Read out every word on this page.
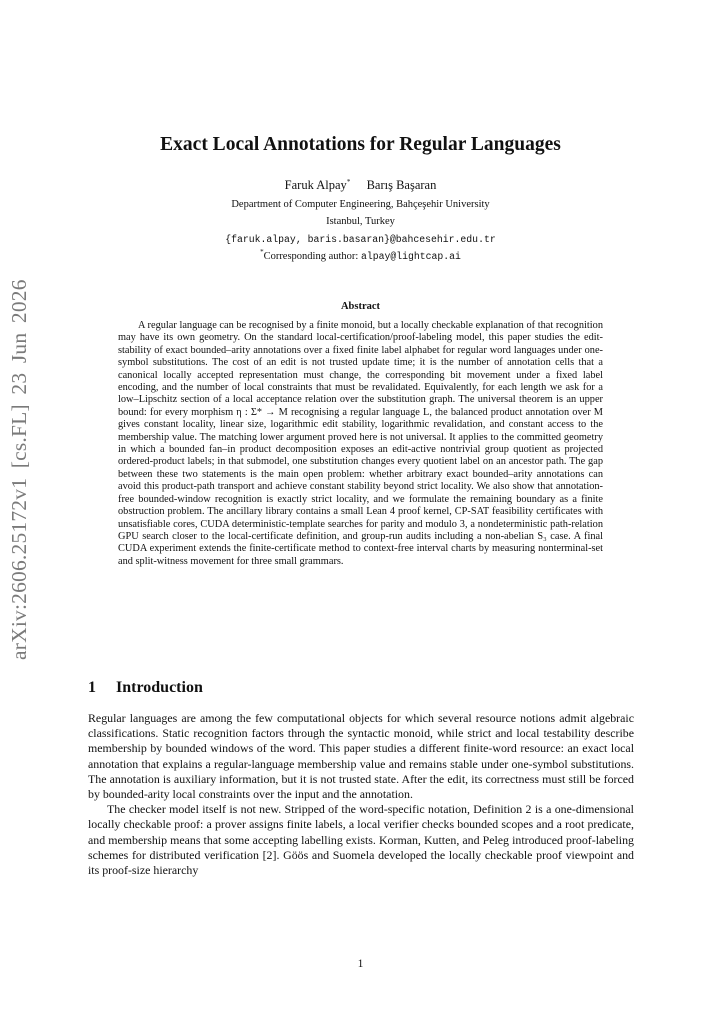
arXiv:2606.25172v1 [cs.FL] 23 Jun 2026
Exact Local Annotations for Regular Languages
Faruk Alpay* Barış Başaran
Department of Computer Engineering, Bahçeşehir University
Istanbul, Turkey
{faruk.alpay, baris.basaran}@bahcesehir.edu.tr
*Corresponding author: alpay@lightcap.ai
Abstract

A regular language can be recognised by a finite monoid, but a locally checkable explanation of that recognition may have its own geometry. On the standard local-certification/proof-labeling model, this paper studies the edit-stability of exact bounded–arity annotations over a fixed finite label alphabet for regular word languages under one-symbol substitutions. The cost of an edit is not trusted update time; it is the number of annotation cells that a canonical locally accepted representation must change, the corresponding bit movement under a fixed label encoding, and the number of local constraints that must be revalidated. Equivalently, for each length we ask for a low–Lipschitz section of a local acceptance relation over the substitution graph. The universal theorem is an upper bound: for every morphism η : Σ* → M recognising a regular language L, the balanced product annotation over M gives constant locality, linear size, logarithmic edit stability, logarithmic revalidation, and constant access to the membership value. The matching lower argument proved here is not universal. It applies to the committed geometry in which a bounded fan–in product decomposition exposes an edit-active nontrivial group quotient as projected ordered-product labels; in that submodel, one substitution changes every quotient label on an ancestor path. The gap between these two statements is the main open problem: whether arbitrary exact bounded–arity annotations can avoid this product-path transport and achieve constant stability beyond strict locality. We also show that annotation-free bounded-window recognition is exactly strict locality, and we formulate the remaining boundary as a finite obstruction problem. The ancillary library contains a small Lean 4 proof kernel, CP-SAT feasibility certificates with unsatisfiable cores, CUDA deterministic-template searches for parity and modulo 3, a nondeterministic path-relation GPU search closer to the local-certificate definition, and group-run audits including a non-abelian S₃ case. A final CUDA experiment extends the finite-certificate method to context-free interval charts by measuring nonterminal-set and split-witness movement for three small grammars.

1 Introduction

Regular languages are among the few computational objects for which several resource notions admit algebraic classifications. Static recognition factors through the syntactic monoid, while strict and local testability describe membership by bounded windows of the word. This paper studies a different finite-word resource: an exact local annotation that explains a regular-language membership value and remains stable under one-symbol substitutions. The annotation is auxiliary information, but it is not trusted state. After the edit, its correctness must still be forced by bounded-arity local constraints over the input and the annotation.

The checker model itself is not new. Stripped of the word-specific notation, Definition 2 is a one-dimensional locally checkable proof: a prover assigns finite labels, a local verifier checks bounded scopes and a root predicate, and membership means that some accepting labelling exists. Korman, Kutten, and Peleg introduced proof-labeling schemes for distributed verification [2]. Göös and Suomela developed the locally checkable proof viewpoint and its proof-size hierarchy

1
